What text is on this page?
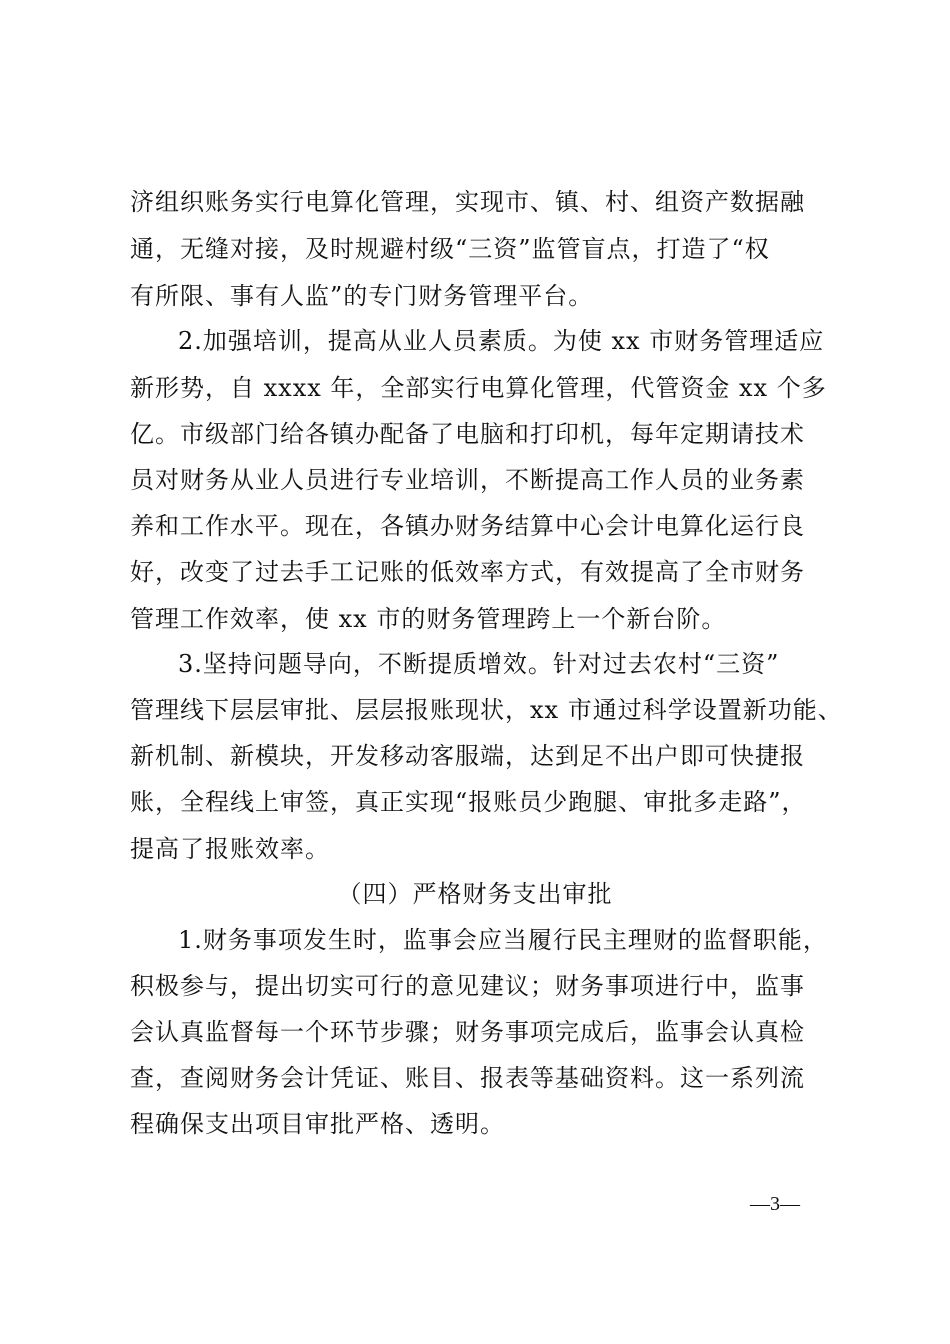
济组织账务实行电算化管理，实现市、镇、村、组资产数据融
通，无缝对接，及时规避村级“三资”监管盲点，打造了“权
有所限、事有人监”的专门财务管理平台。
2.加强培训，提高从业人员素质。为使 xx 市财务管理适应
新形势，自 xxxx 年，全部实行电算化管理，代管资金 xx 个多
亿。市级部门给各镇办配备了电脑和打印机，每年定期请技术
员对财务从业人员进行专业培训，不断提高工作人员的业务素
养和工作水平。现在，各镇办财务结算中心会计电算化运行良
好，改变了过去手工记账的低效率方式，有效提高了全市财务
管理工作效率，使 xx 市的财务管理跨上一个新台阶。
3.坚持问题导向，不断提质增效。针对过去农村“三资”
管理线下层层审批、层层报账现状，xx 市通过科学设置新功能、
新机制、新模块，开发移动客服端，达到足不出户即可快捷报
账，全程线上审签，真正实现“报账员少跑腿、审批多走路”，
提高了报账效率。
（四）严格财务支出审批
1.财务事项发生时，监事会应当履行民主理财的监督职能，
积极参与，提出切实可行的意见建议；财务事项进行中，监事
会认真监督每一个环节步骤；财务事项完成后，监事会认真检
查，查阅财务会计凭证、账目、报表等基础资料。这一系列流
程确保支出项目审批严格、透明。
—3—
